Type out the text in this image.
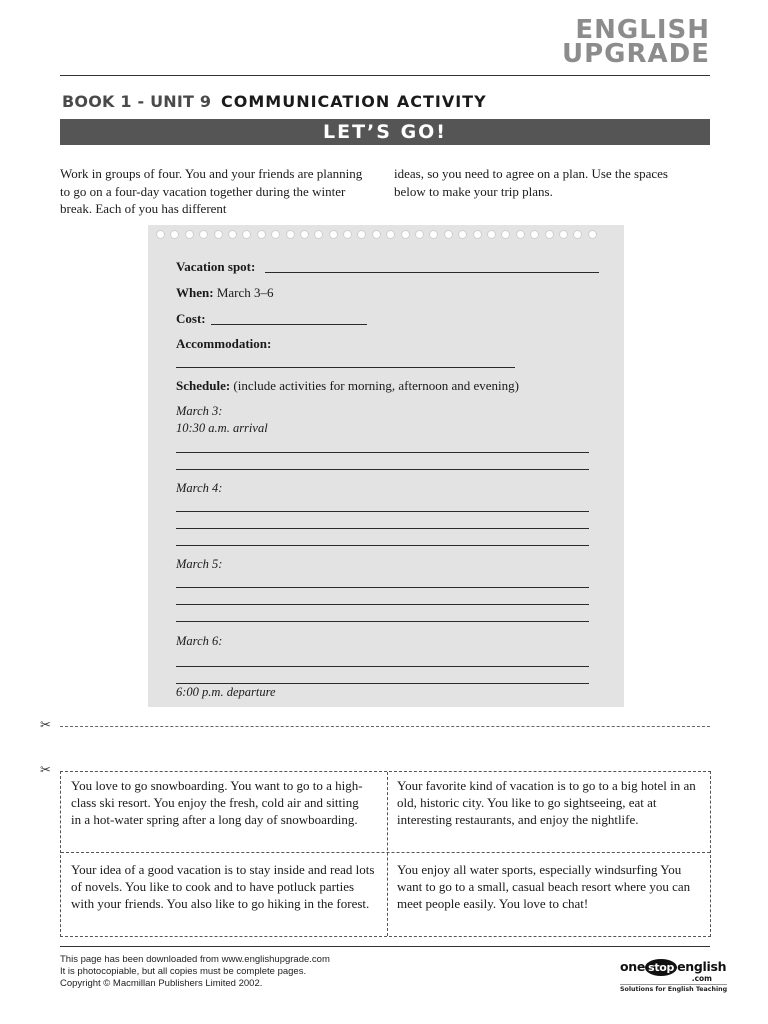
ENGLISH
UPGRADE
BOOK 1 - UNIT 9 COMMUNICATION ACTIVITY
LET’S GO!
Work in groups of four. You and your friends are planning to go on a four-day vacation together during the winter break. Each of you has different
ideas, so you need to agree on a plan. Use the spaces below to make your trip plans.
Vacation spot:
When: March 3–6
Cost:
Accommodation:
Schedule: (include activities for morning, afternoon and evening)
March 3:
10:30 a.m. arrival
March 4:
March 5:
March 6:
6:00 p.m. departure
✂
✂
You love to go snowboarding. You want to go to a high-class ski resort. You enjoy the fresh, cold air and sitting in a hot-water spring after a long day of snowboarding.
Your favorite kind of vacation is to go to a big hotel in an old, historic city. You like to go sightseeing, eat at interesting restaurants, and enjoy the nightlife.
Your idea of a good vacation is to stay inside and read lots of novels. You like to cook and to have potluck parties with your friends. You also like to go hiking in the forest.
You enjoy all water sports, especially windsurfing You want to go to a small, casual beach resort where you can meet people easily. You love to chat!
This page has been downloaded from www.englishupgrade.com
It is photocopiable, but all copies must be complete pages.
Copyright © Macmillan Publishers Limited 2002.
one stop english
.com
Solutions for English Teaching
